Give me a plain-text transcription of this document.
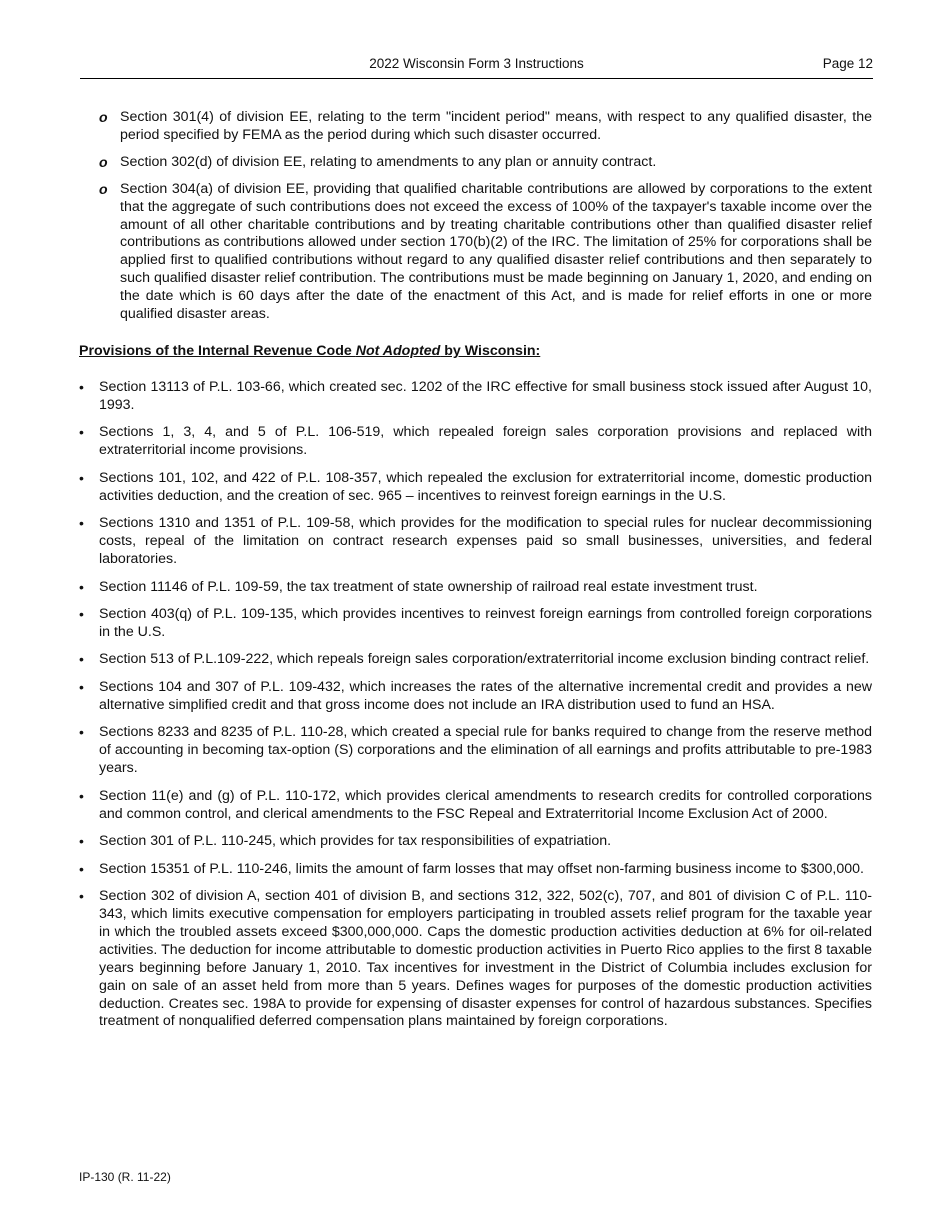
2022 Wisconsin Form 3 Instructions	Page 12
o Section 301(4) of division EE, relating to the term "incident period" means, with respect to any qualified disaster, the period specified by FEMA as the period during which such disaster occurred.
o Section 302(d) of division EE, relating to amendments to any plan or annuity contract.
o Section 304(a) of division EE, providing that qualified charitable contributions are allowed by corporations to the extent that the aggregate of such contributions does not exceed the excess of 100% of the taxpayer's taxable income over the amount of all other charitable contributions and by treating charitable contributions other than qualified disaster relief contributions as contributions allowed under section 170(b)(2) of the IRC. The limitation of 25% for corporations shall be applied first to qualified contributions without regard to any qualified disaster relief contributions and then separately to such qualified disaster relief contribution. The contributions must be made beginning on January 1, 2020, and ending on the date which is 60 days after the date of the enactment of this Act, and is made for relief efforts in one or more qualified disaster areas.
Provisions of the Internal Revenue Code Not Adopted by Wisconsin:
• Section 13113 of P.L. 103-66, which created sec. 1202 of the IRC effective for small business stock issued after August 10, 1993.
• Sections 1, 3, 4, and 5 of P.L. 106-519, which repealed foreign sales corporation provisions and replaced with extraterritorial income provisions.
• Sections 101, 102, and 422 of P.L. 108-357, which repealed the exclusion for extraterritorial income, domestic production activities deduction, and the creation of sec. 965 – incentives to reinvest foreign earnings in the U.S.
• Sections 1310 and 1351 of P.L. 109-58, which provides for the modification to special rules for nuclear decommissioning costs, repeal of the limitation on contract research expenses paid so small businesses, universities, and federal laboratories.
• Section 11146 of P.L. 109-59, the tax treatment of state ownership of railroad real estate investment trust.
• Section 403(q) of P.L. 109-135, which provides incentives to reinvest foreign earnings from controlled foreign corporations in the U.S.
• Section 513 of P.L.109-222, which repeals foreign sales corporation/extraterritorial income exclusion binding contract relief.
• Sections 104 and 307 of P.L. 109-432, which increases the rates of the alternative incremental credit and provides a new alternative simplified credit and that gross income does not include an IRA distribution used to fund an HSA.
• Sections 8233 and 8235 of P.L. 110-28, which created a special rule for banks required to change from the reserve method of accounting in becoming tax-option (S) corporations and the elimination of all earnings and profits attributable to pre-1983 years.
• Section 11(e) and (g) of P.L. 110-172, which provides clerical amendments to research credits for controlled corporations and common control, and clerical amendments to the FSC Repeal and Extraterritorial Income Exclusion Act of 2000.
• Section 301 of P.L. 110-245, which provides for tax responsibilities of expatriation.
• Section 15351 of P.L. 110-246, limits the amount of farm losses that may offset non-farming business income to $300,000.
• Section 302 of division A, section 401 of division B, and sections 312, 322, 502(c), 707, and 801 of division C of P.L. 110-343, which limits executive compensation for employers participating in troubled assets relief program for the taxable year in which the troubled assets exceed $300,000,000. Caps the domestic production activities deduction at 6% for oil-related activities. The deduction for income attributable to domestic production activities in Puerto Rico applies to the first 8 taxable years beginning before January 1, 2010. Tax incentives for investment in the District of Columbia includes exclusion for gain on sale of an asset held from more than 5 years. Defines wages for purposes of the domestic production activities deduction. Creates sec. 198A to provide for expensing of disaster expenses for control of hazardous substances. Specifies treatment of nonqualified deferred compensation plans maintained by foreign corporations.
IP-130 (R. 11-22)
